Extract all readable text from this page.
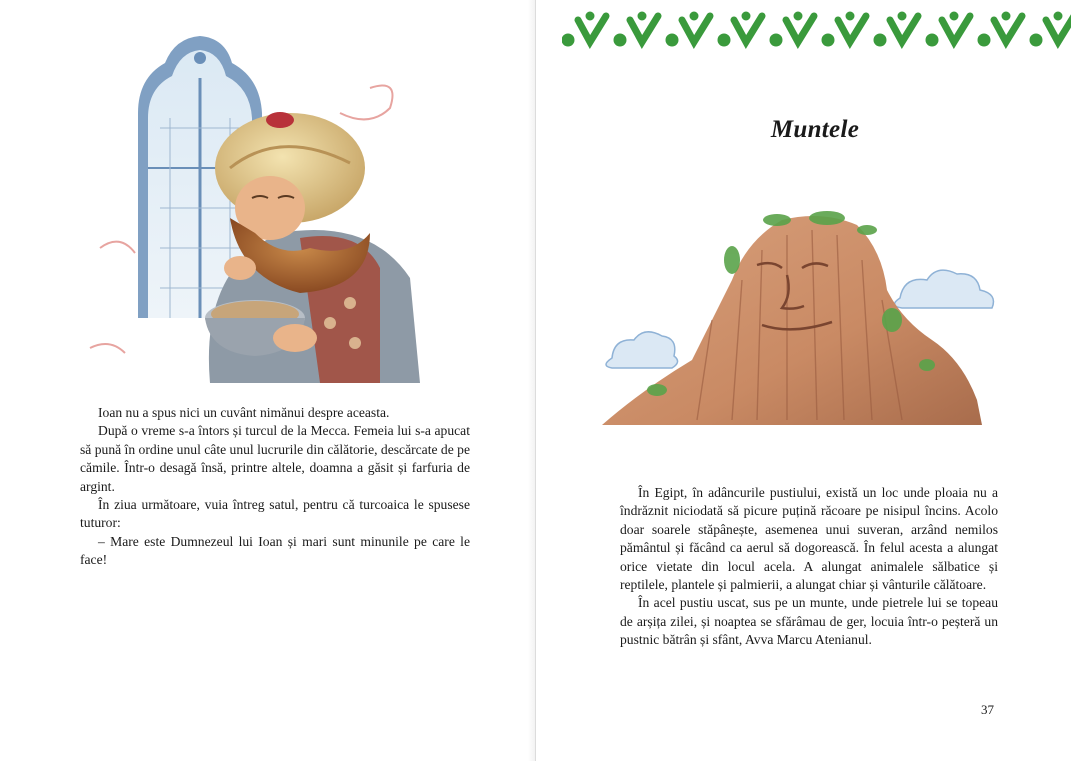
Ioan nu a spus nici un cuvânt nimănui despre aceasta.

După o vreme s-a întors și turcul de la Mecca. Femeia lui s-a apucat să pună în ordine unul câte unul lucrurile din călătorie, descărcate de pe cămile. Într-o desagă însă, printre altele, doamna a găsit și farfuria de argint.

În ziua următoare, vuia întreg satul, pentru că turcoaica le spusese tuturor:

– Mare este Dumnezeul lui Ioan și mari sunt minunile pe care le face!

Muntele

În Egipt, în adâncurile pustiului, există un loc unde ploaia nu a îndrăznit niciodată să picure puțină răcoare pe nisipul încins. Acolo doar soarele stăpânește, asemenea unui suveran, arzând nemilos pământul și făcând ca aerul să dogorească. În felul acesta a alungat orice vietate din locul acela. A alungat animalele sălbatice și reptilele, plantele și palmierii, a alungat chiar și vânturile călătoare.

În acel pustiu uscat, sus pe un munte, unde pietrele lui se topeau de arșița zilei, și noaptea se sfărâmau de ger, locuia într-o peșteră un pustnic bătrân și sfânt, Avva Marcu Atenianul.

37
